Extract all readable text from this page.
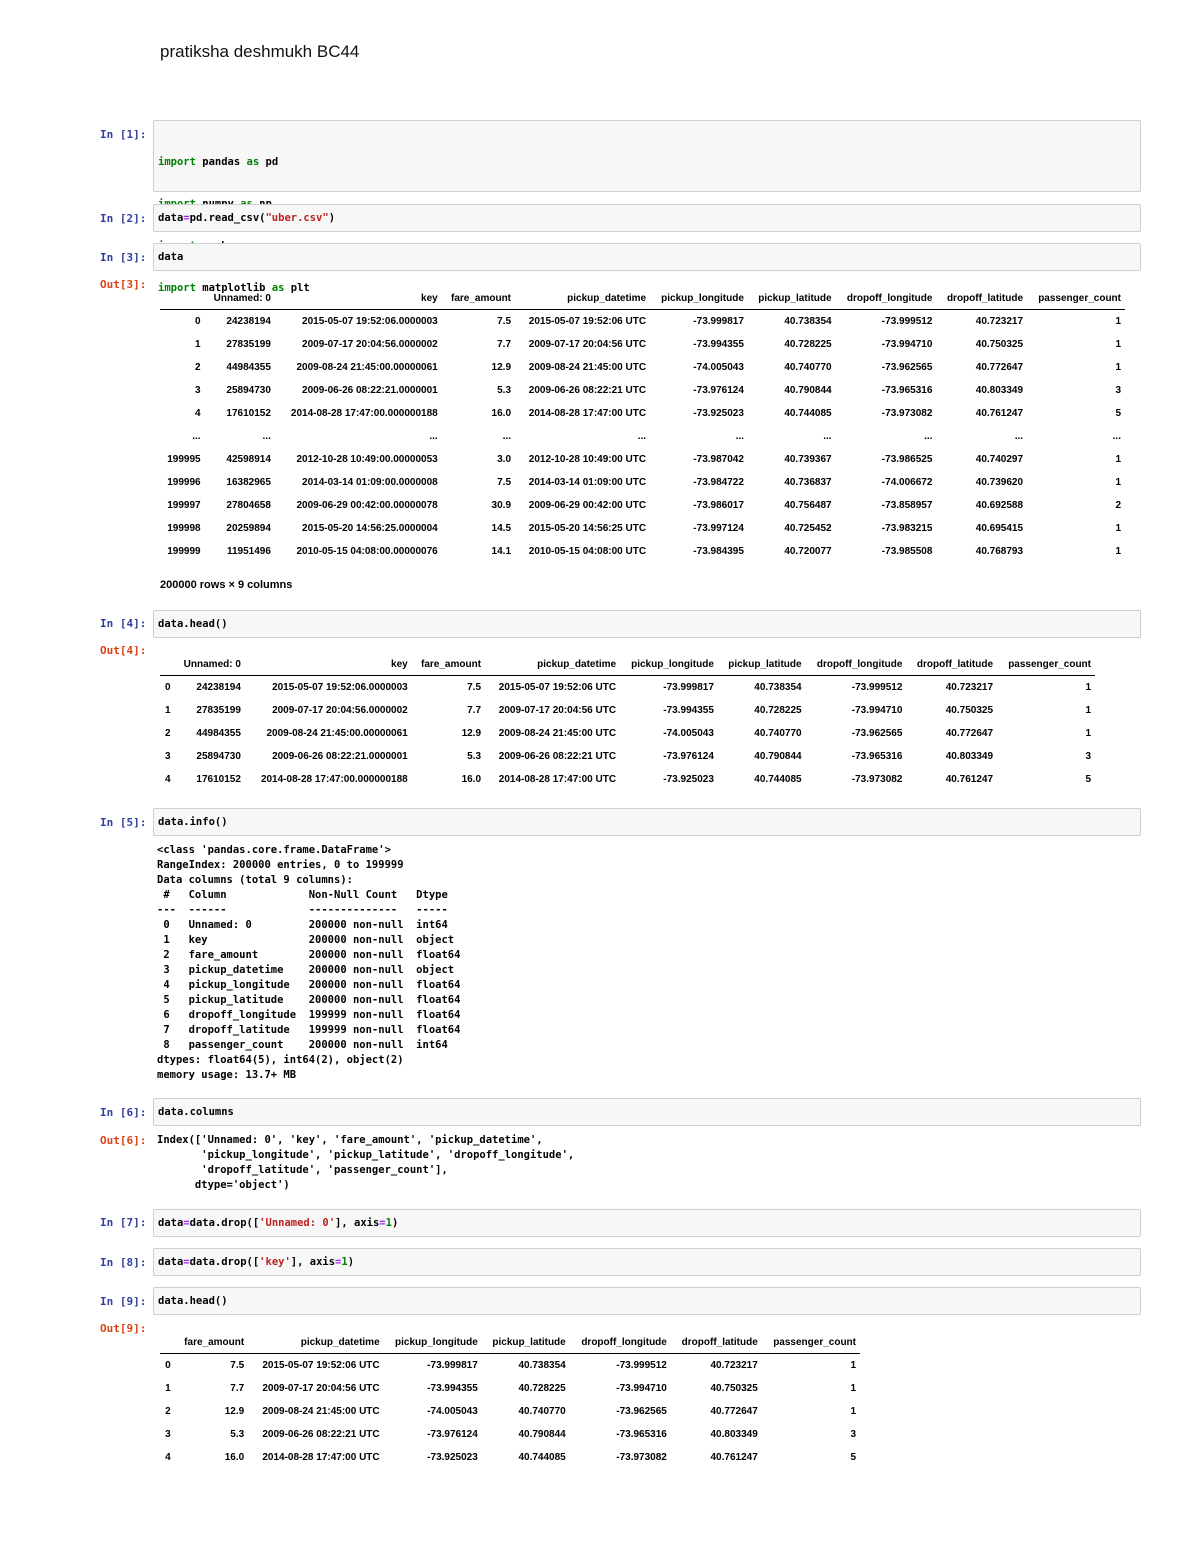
pratiksha deshmukh BC44
In [1]:

import pandas as pd

import matplotlib as plt

In [2]: data=pd.read_csv("uber.csv")
In [3]: data
Out[3]:
	Unnamed: 0	key	fare_amount	pickup_datetime	pickup_longitude	pickup_latitude	dropoff_longitude	dropoff_latitude	passenger_count
0	24238194	2015-05-07 19:52:06.0000003	7.5	2015-05-07 19:52:06 UTC	-73.999817	40.738354	-73.999512	40.723217	1
1	27835199	2009-07-17 20:04:56.0000002	7.7	2009-07-17 20:04:56 UTC	-73.994355	40.728225	-73.994710	40.750325	1
2	44984355	2009-08-24 21:45:00.00000061	12.9	2009-08-24 21:45:00 UTC	-74.005043	40.740770	-73.962565	40.772647	1
3	25894730	2009-06-26 08:22:21.0000001	5.3	2009-06-26 08:22:21 UTC	-73.976124	40.790844	-73.965316	40.803349	3
4	17610152	2014-08-28 17:47:00.000000188	16.0	2014-08-28 17:47:00 UTC	-73.925023	40.744085	-73.973082	40.761247	5
...	...	...	...	...	...	...	...	...	...
199995	42598914	2012-10-28 10:49:00.00000053	3.0	2012-10-28 10:49:00 UTC	-73.987042	40.739367	-73.986525	40.740297	1
199996	16382965	2014-03-14 01:09:00.0000008	7.5	2014-03-14 01:09:00 UTC	-73.984722	40.736837	-74.006672	40.739620	1
199997	27804658	2009-06-29 00:42:00.00000078	30.9	2009-06-29 00:42:00 UTC	-73.986017	40.756487	-73.858957	40.692588	2
199998	20259894	2015-05-20 14:56:25.0000004	14.5	2015-05-20 14:56:25 UTC	-73.997124	40.725452	-73.983215	40.695415	1
199999	11951496	2010-05-15 04:08:00.00000076	14.1	2010-05-15 04:08:00 UTC	-73.984395	40.720077	-73.985508	40.768793	1
200000 rows × 9 columns
In [4]: data.head()
Out[4]:
	Unnamed: 0	key	fare_amount	pickup_datetime	pickup_longitude	pickup_latitude	dropoff_longitude	dropoff_latitude	passenger_count
0	24238194	2015-05-07 19:52:06.0000003	7.5	2015-05-07 19:52:06 UTC	-73.999817	40.738354	-73.999512	40.723217	1
1	27835199	2009-07-17 20:04:56.0000002	7.7	2009-07-17 20:04:56 UTC	-73.994355	40.728225	-73.994710	40.750325	1
2	44984355	2009-08-24 21:45:00.00000061	12.9	2009-08-24 21:45:00 UTC	-74.005043	40.740770	-73.962565	40.772647	1
3	25894730	2009-06-26 08:22:21.0000001	5.3	2009-06-26 08:22:21 UTC	-73.976124	40.790844	-73.965316	40.803349	3
4	17610152	2014-08-28 17:47:00.000000188	16.0	2014-08-28 17:47:00 UTC	-73.925023	40.744085	-73.973082	40.761247	5
In [5]: data.info()
<class 'pandas.core.frame.DataFrame'>
RangeIndex: 200000 entries, 0 to 199999
Data columns (total 9 columns):
#   Column             Non-Null Count   Dtype
---  ------             --------------   -----
0   Unnamed: 0         200000 non-null  int64
1   key                200000 non-null  object
2   fare_amount        200000 non-null  float64
3   pickup_datetime    200000 non-null  object
4   pickup_longitude   200000 non-null  float64
5   pickup_latitude    200000 non-null  float64
6   dropoff_longitude  199999 non-null  float64
7   dropoff_latitude   199999 non-null  float64
8   passenger_count    200000 non-null  int64
dtypes: float64(5), int64(2), object(2)
memory usage: 13.7+ MB
In [6]: data.columns
Out[6]: Index(['Unnamed: 0', 'key', 'fare_amount', 'pickup_datetime',
'pickup_longitude', 'pickup_latitude', 'dropoff_longitude',
'dropoff_latitude', 'passenger_count'],
dtype='object')
In [7]: data=data.drop(['Unnamed: 0'], axis=1)
In [8]: data=data.drop(['key'], axis=1)
In [9]: data.head()
Out[9]:
	fare_amount	pickup_datetime	pickup_longitude	pickup_latitude	dropoff_longitude	dropoff_latitude	passenger_count
0	7.5	2015-05-07 19:52:06 UTC	-73.999817	40.738354	-73.999512	40.723217	1
1	7.7	2009-07-17 20:04:56 UTC	-73.994355	40.728225	-73.994710	40.750325	1
2	12.9	2009-08-24 21:45:00 UTC	-74.005043	40.740770	-73.962565	40.772647	1
3	5.3	2009-06-26 08:22:21 UTC	-73.976124	40.790844	-73.965316	40.803349	3
4	16.0	2014-08-28 17:47:00 UTC	-73.925023	40.744085	-73.973082	40.761247	5
